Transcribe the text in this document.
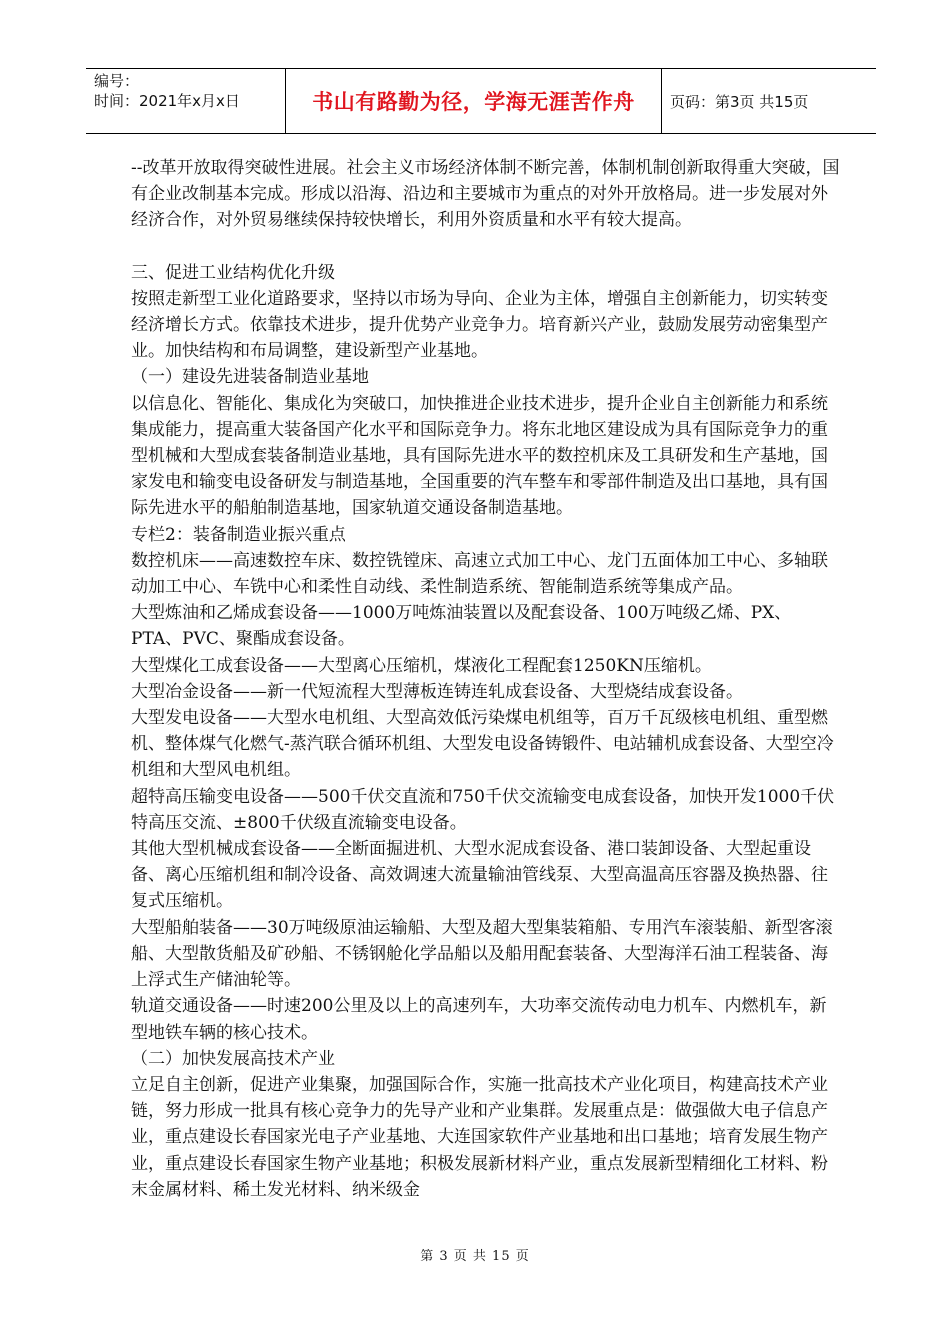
编号：
时间：2021年x月x日	书山有路勤为径，学海无涯苦作舟	页码：第3页 共15页

--改革开放取得突破性进展。社会主义市场经济体制不断完善，体制机制创新取得重大突破，国有企业改制基本完成。形成以沿海、沿边和主要城市为重点的对外开放格局。进一步发展对外经济合作，对外贸易继续保持较快增长，利用外资质量和水平有较大提高。

三、促进工业结构优化升级

按照走新型工业化道路要求，坚持以市场为导向、企业为主体，增强自主创新能力，切实转变经济增长方式。依靠技术进步，提升优势产业竞争力。培育新兴产业，鼓励发展劳动密集型产业。加快结构和布局调整，建设新型产业基地。

（一）建设先进装备制造业基地

以信息化、智能化、集成化为突破口，加快推进企业技术进步，提升企业自主创新能力和系统集成能力，提高重大装备国产化水平和国际竞争力。将东北地区建设成为具有国际竞争力的重型机械和大型成套装备制造业基地，具有国际先进水平的数控机床及工具研发和生产基地，国家发电和输变电设备研发与制造基地，全国重要的汽车整车和零部件制造及出口基地，具有国际先进水平的船舶制造基地，国家轨道交通设备制造基地。

专栏2：装备制造业振兴重点

数控机床——高速数控车床、数控铣镗床、高速立式加工中心、龙门五面体加工中心、多轴联动加工中心、车铣中心和柔性自动线、柔性制造系统、智能制造系统等集成产品。

大型炼油和乙烯成套设备——1000万吨炼油装置以及配套设备、100万吨级乙烯、PX、PTA、PVC、聚酯成套设备。

大型煤化工成套设备——大型离心压缩机，煤液化工程配套1250KN压缩机。

大型冶金设备——新一代短流程大型薄板连铸连轧成套设备、大型烧结成套设备。

大型发电设备——大型水电机组、大型高效低污染煤电机组等，百万千瓦级核电机组、重型燃机、整体煤气化燃气-蒸汽联合循环机组、大型发电设备铸锻件、电站辅机成套设备、大型空冷机组和大型风电机组。

超特高压输变电设备——500千伏交直流和750千伏交流输变电成套设备，加快开发1000千伏特高压交流、±800千伏级直流输变电设备。

其他大型机械成套设备——全断面掘进机、大型水泥成套设备、港口装卸设备、大型起重设备、离心压缩机组和制冷设备、高效调速大流量输油管线泵、大型高温高压容器及换热器、往复式压缩机。

大型船舶装备——30万吨级原油运输船、大型及超大型集装箱船、专用汽车滚装船、新型客滚船、大型散货船及矿砂船、不锈钢舱化学品船以及船用配套装备、大型海洋石油工程装备、海上浮式生产储油轮等。

轨道交通设备——时速200公里及以上的高速列车，大功率交流传动电力机车、内燃机车，新型地铁车辆的核心技术。

（二）加快发展高技术产业

立足自主创新，促进产业集聚，加强国际合作，实施一批高技术产业化项目，构建高技术产业链，努力形成一批具有核心竞争力的先导产业和产业集群。发展重点是：做强做大电子信息产业，重点建设长春国家光电子产业基地、大连国家软件产业基地和出口基地；培育发展生物产业，重点建设长春国家生物产业基地；积极发展新材料产业，重点发展新型精细化工材料、粉末金属材料、稀土发光材料、纳米级金

第 3 页 共 15 页
